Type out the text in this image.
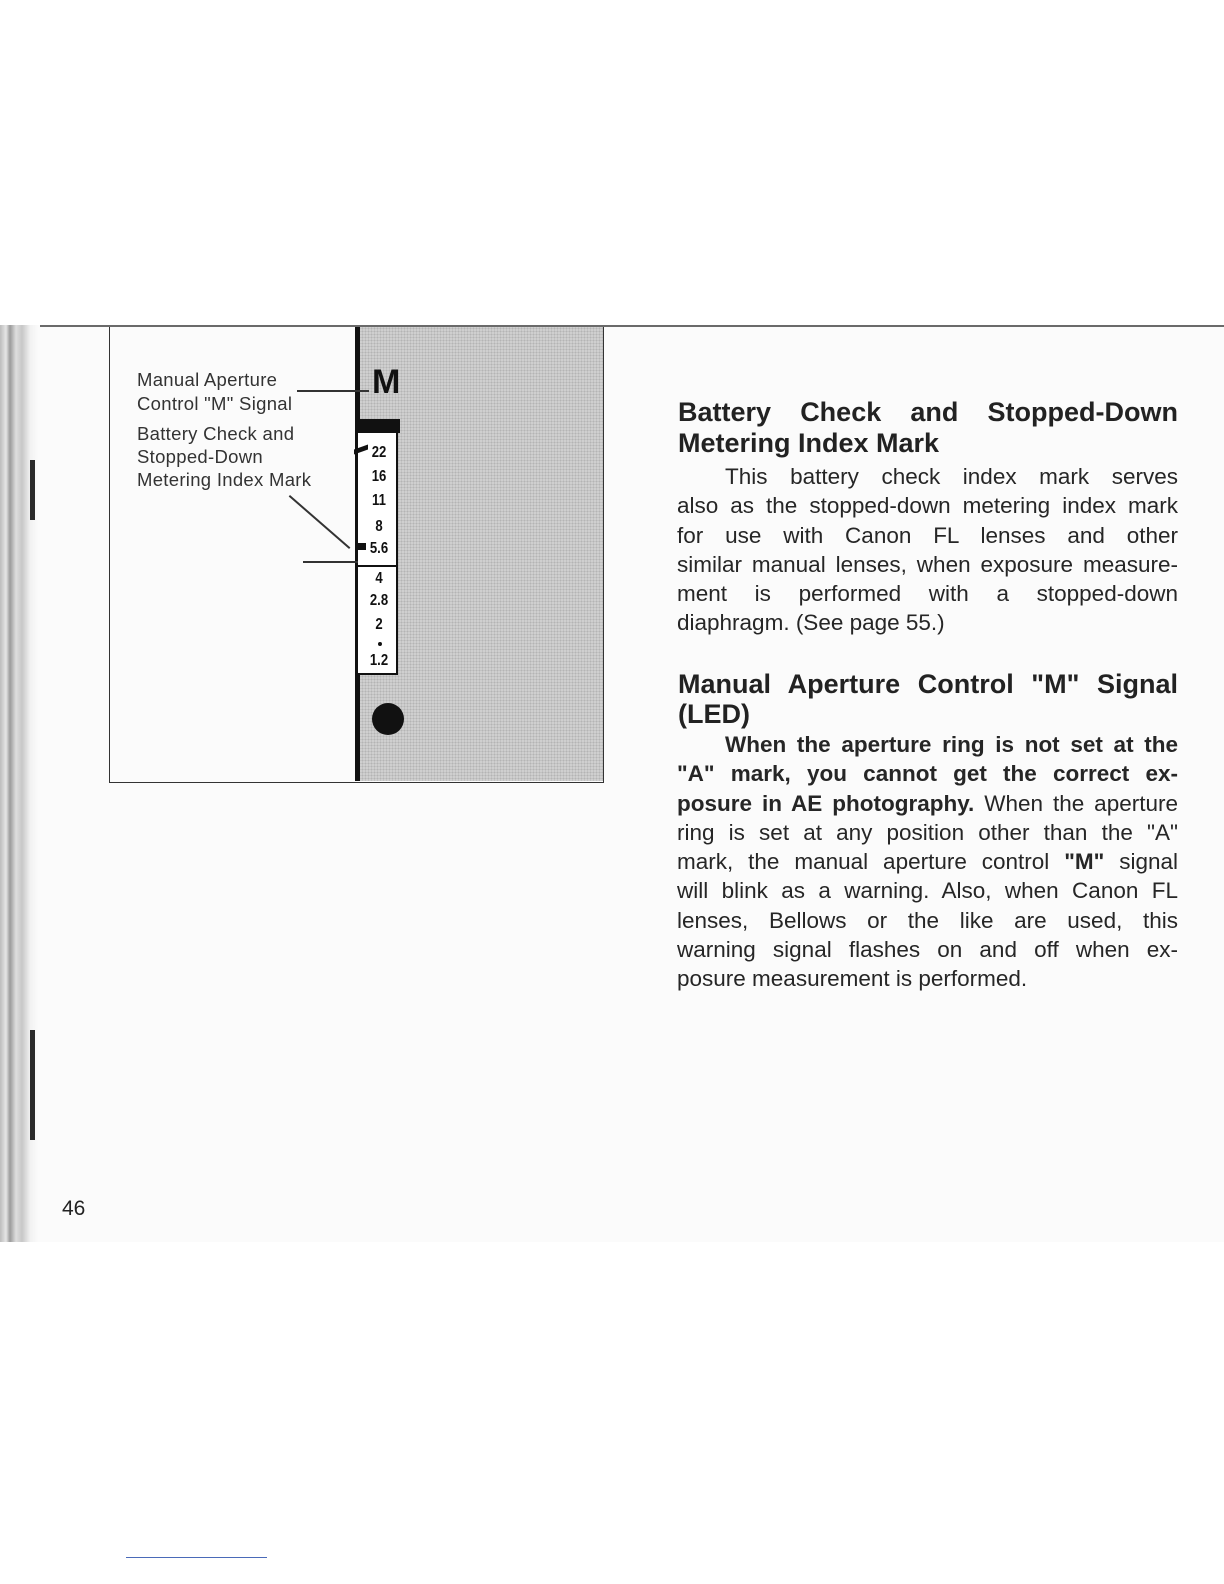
M
Manual Aperture
Control "M" Signal
Battery Check and
Stopped-Down
Metering Index Mark
22
16
11
8
5.6
4
2.8
2
1.2
Battery Check and Stopped-Down
Metering Index Mark

This battery check index mark serves
also as the stopped-down metering index mark
for use with Canon FL lenses and other
similar manual lenses, when exposure measure-
ment is performed with a stopped-down
diaphragm. (See page 55.)

Manual Aperture Control "M" Signal
(LED)

When the aperture ring is not set at the
"A" mark, you cannot get the correct ex-
posure in AE photography. When the aperture
ring is set at any position other than the "A"
mark, the manual aperture control "M" signal
will blink as a warning. Also, when Canon FL
lenses, Bellows or the like are used, this
warning signal flashes on and off when ex-
posure measurement is performed.

46
